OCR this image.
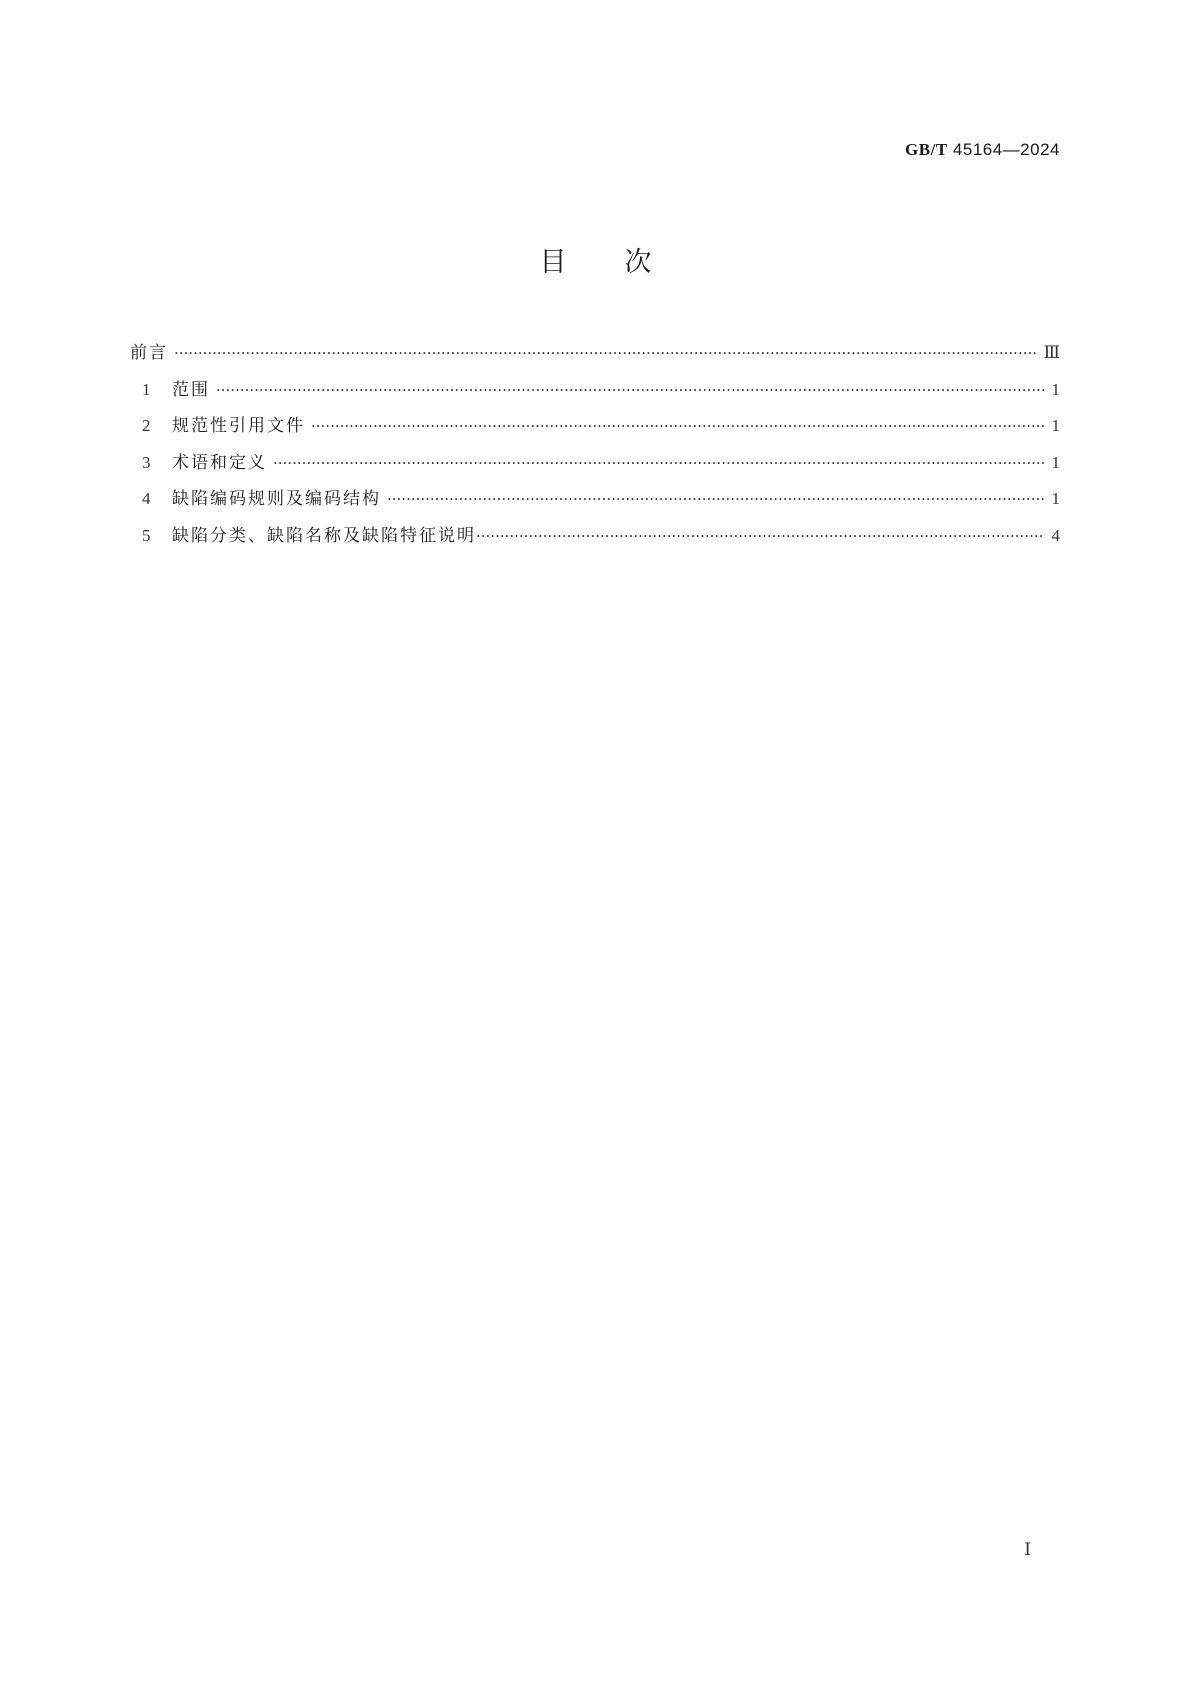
GB/T 45164—2024
目次
前言 ·····	Ⅲ
1	范围 ·····	1
2	规范性引用文件 ·····	1
3	术语和定义 ·····	1
4	缺陷编码规则及编码结构 ·····	1
5	缺陷分类、缺陷名称及缺陷特征说明 ·····	4
Ⅰ
